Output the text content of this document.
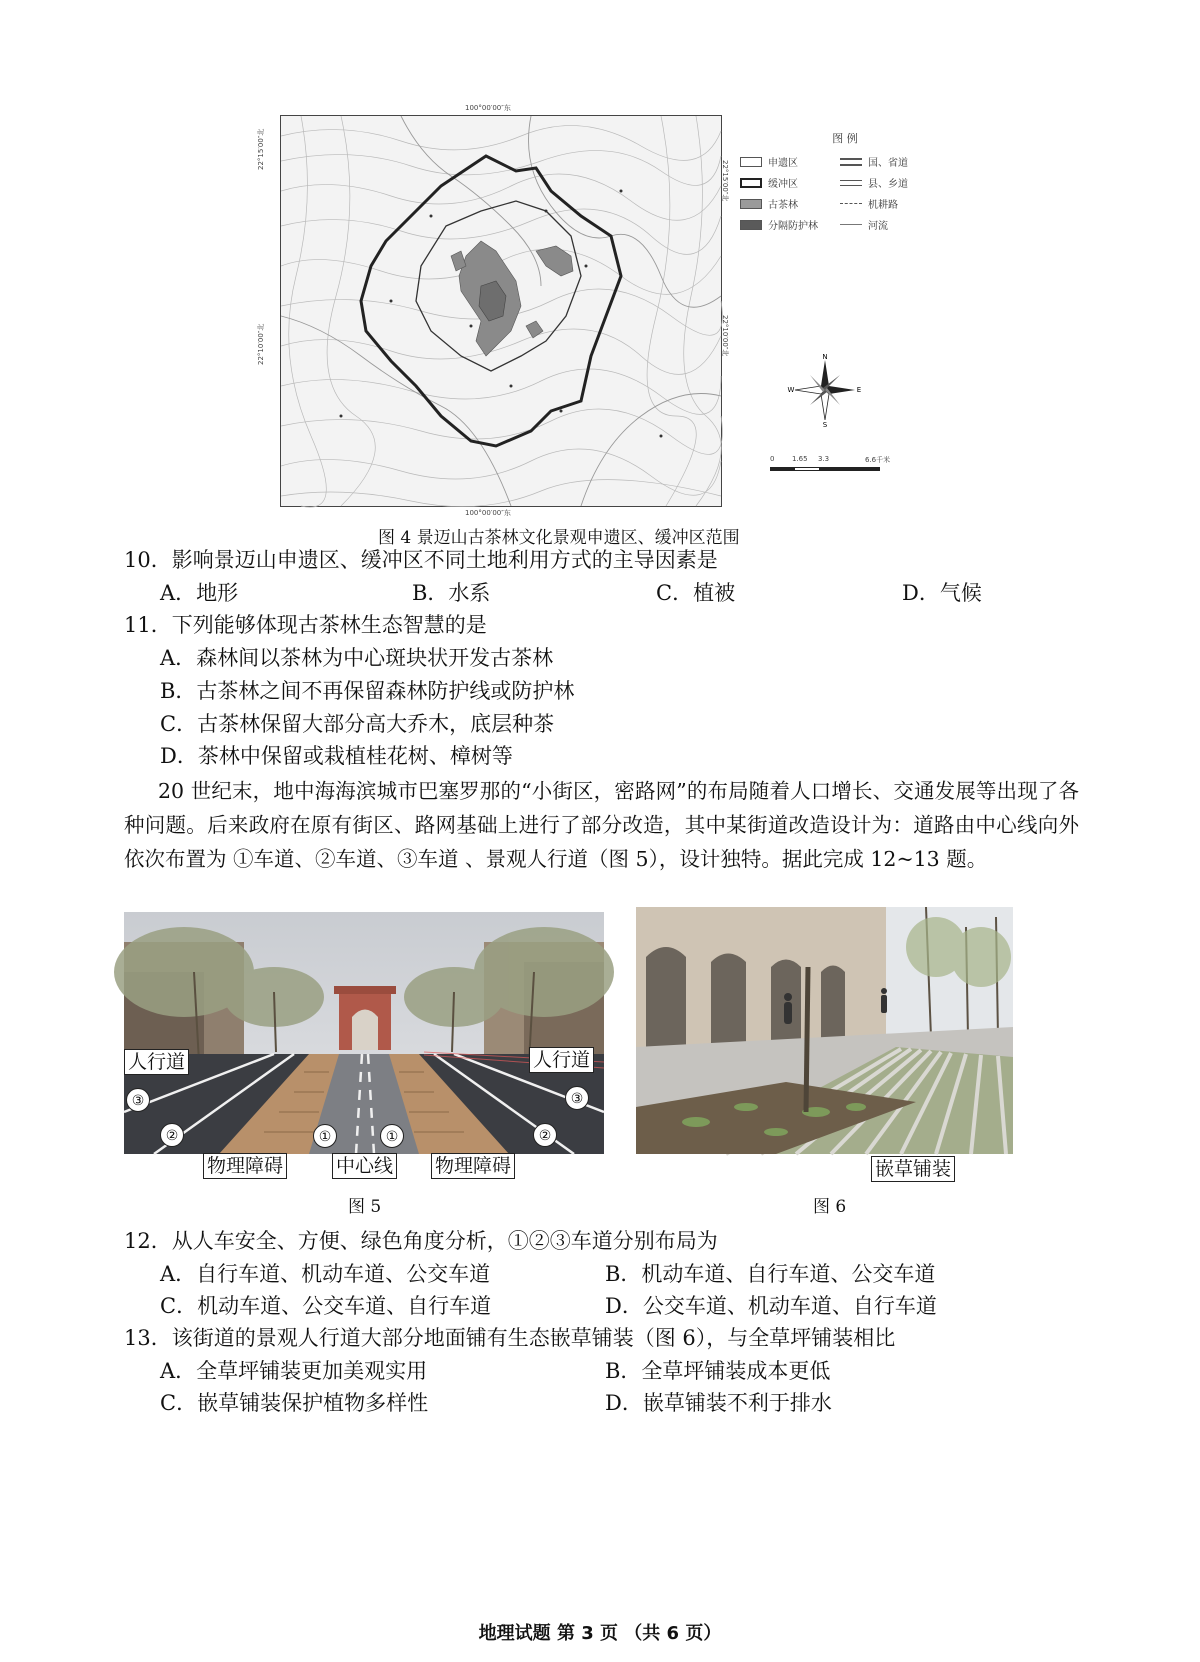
100°00′00″东
100°00′00″东
22°15′00″北
22°10′00″北
22°15′00″北
22°10′00″北
图 例
申遗区	国、省道
缓冲区	县、乡道
古茶林	机耕路
分隔防护林	河流
N
S
E
W
0	1.65 3.3	6.6千米
图 4 景迈山古茶林文化景观申遗区、缓冲区范围
10．影响景迈山申遗区、缓冲区不同土地利用方式的主导因素是
A．地形	B．水系	C．植被	D．气候
11．下列能够体现古茶林生态智慧的是
A．森林间以茶林为中心斑块状开发古茶林
B．古茶林之间不再保留森林防护线或防护林
C．古茶林保留大部分高大乔木，底层种茶
D．茶林中保留或栽植桂花树、樟树等
20 世纪末，地中海海滨城市巴塞罗那的“小街区，密路网”的布局随着人口增长、交通发展等出现了各种问题。后来政府在原有街区、路网基础上进行了部分改造，其中某街道改造设计为：道路由中心线向外依次布置为 ①车道、②车道、③车道 、景观人行道（图 5），设计独特。据此完成 12~13 题。
人行道	人行道
③	③
②	②
①	①
物理障碍	中心线 物理障碍
图 5
嵌草铺装
图 6
12．从人车安全、方便、绿色角度分析，①②③车道分别布局为
A．自行车道、机动车道、公交车道	B．机动车道、自行车道、公交车道
C．机动车道、公交车道、自行车道	D．公交车道、机动车道、自行车道
13．该街道的景观人行道大部分地面铺有生态嵌草铺装（图 6），与全草坪铺装相比
A．全草坪铺装更加美观实用	B．全草坪铺装成本更低
C．嵌草铺装保护植物多样性	D．嵌草铺装不利于排水
地理试题 第 3 页 （共 6 页）
